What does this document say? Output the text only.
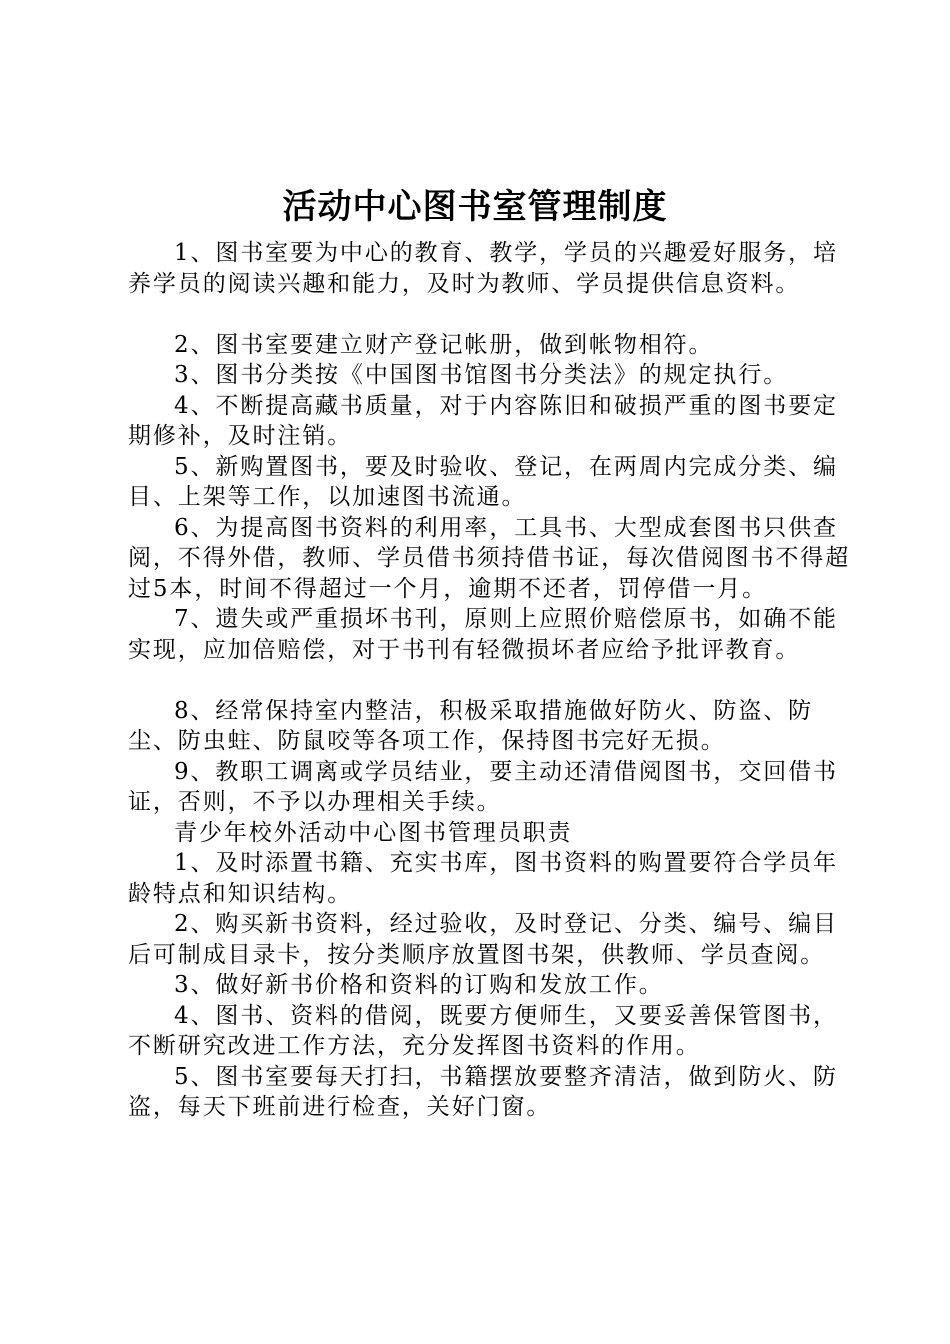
活动中心图书室管理制度

1、图书室要为中心的教育、教学，学员的兴趣爱好服务，培养学员的阅读兴趣和能力，及时为教师、学员提供信息资料。

2、图书室要建立财产登记帐册，做到帐物相符。

3、图书分类按《中国图书馆图书分类法》的规定执行。

4、不断提高藏书质量，对于内容陈旧和破损严重的图书要定期修补，及时注销。

5、新购置图书，要及时验收、登记，在两周内完成分类、编目、上架等工作，以加速图书流通。

6、为提高图书资料的利用率，工具书、大型成套图书只供查阅，不得外借，教师、学员借书须持借书证，每次借阅图书不得超过5本，时间不得超过一个月，逾期不还者，罚停借一月。

7、遗失或严重损坏书刊，原则上应照价赔偿原书，如确不能实现，应加倍赔偿，对于书刊有轻微损坏者应给予批评教育。

8、经常保持室内整洁，积极采取措施做好防火、防盗、防尘、防虫蛀、防鼠咬等各项工作，保持图书完好无损。

9、教职工调离或学员结业，要主动还清借阅图书，交回借书证，否则，不予以办理相关手续。

青少年校外活动中心图书管理员职责

1、及时添置书籍、充实书库，图书资料的购置要符合学员年龄特点和知识结构。

2、购买新书资料，经过验收，及时登记、分类、编号、编目后可制成目录卡，按分类顺序放置图书架，供教师、学员查阅。

3、做好新书价格和资料的订购和发放工作。

4、图书、资料的借阅，既要方便师生，又要妥善保管图书，不断研究改进工作方法，充分发挥图书资料的作用。

5、图书室要每天打扫，书籍摆放要整齐清洁，做到防火、防盗，每天下班前进行检查，关好门窗。
